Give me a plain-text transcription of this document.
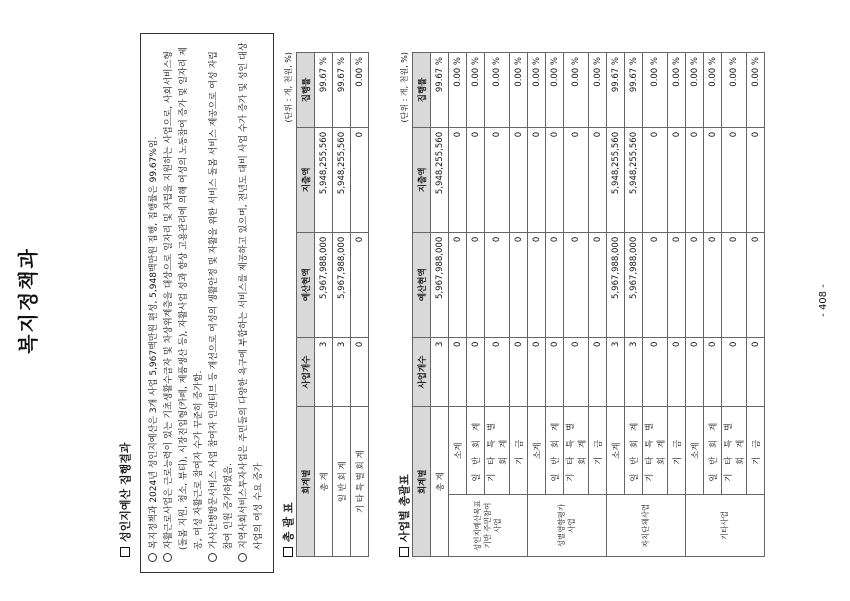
복지정책과
성인지예산 집행결과 복지정책과 2024년 성인지예산은 3개 사업 5,967백만원 편성, 5,948백만원 집행, 집행률은 99.67%임. 자활근로사업은 근로능력이 있는 기초생활수급자 및 차상위계층을 대상으로 일자리 및 자립을 지원하는 사업으로, 사회서비스형(돌봄 지원, 청소, 뷰티), 시장진입형(카페, 제품생산 등), 자활사업 성과 향상 고용관리에 의해 여성의 노동참여 증가 및 일자리 제공, 여성 자활근로 참여자 수가 꾸준히 증가함. 가사간병방문서비스 사업 참여자 인센티브 등 개선으로 여성의 생활안정 및 자활을 위한 서비스 돌봄 서비스 제공으로 여성 자립 참여 인원 증가하였음. 지역사회서비스투자사업은 주민들의 다양한 욕구에 부합하는 서비스를 제공하고 있으며, 전년도 대비 사업 수가 증가 및 성인 대상 사업의 여성 수요 증가 총 괄 표
(단위 : 개, 천원, %)
회계별	사업개수	예산현액	지출액	집행률
총 계	3	5,967,988,000	5,948,255,560	99.67 %
일 반 회 계	3	5,967,988,000	5,948,255,560	99.67 %
기 타 특 별 회 계	0	0	0	0.00 %
사업별 총괄표
(단위 : 개, 천원, %)
회계별		사업개수	예산현액	지출액	집행률
총 계		3	5,967,988,000	5,948,255,560	99.67 %
성인지예산목표기반 주민참여사업	소계	0	0	0	0.00 %
	일 반 회 계	0	0	0	0.00 %
	기 타 특 별 회 계	0	0	0	0.00 %
	기 금	0	0	0	0.00 %
성별영향평가 사업	소계	0	0	0	0.00 %
	일 반 회 계	0	0	0	0.00 %
	기 타 특 별 회 계	0	0	0	0.00 %
	기 금	0	0	0	0.00 %
자치단체사업	소계	3	5,967,988,000	5,948,255,560	99.67 %
	일 반 회 계	3	5,967,988,000	5,948,255,560	99.67 %
	기 타 특 별 회 계	0	0	0	0.00 %
	기 금	0	0	0	0.00 %
기타사업	소계	0	0	0	0.00 %
	일 반 회 계	0	0	0	0.00 %
	기 타 특 별 회 계	0	0	0	0.00 %
	기 금	0	0	0	0.00 %
- 408 -
